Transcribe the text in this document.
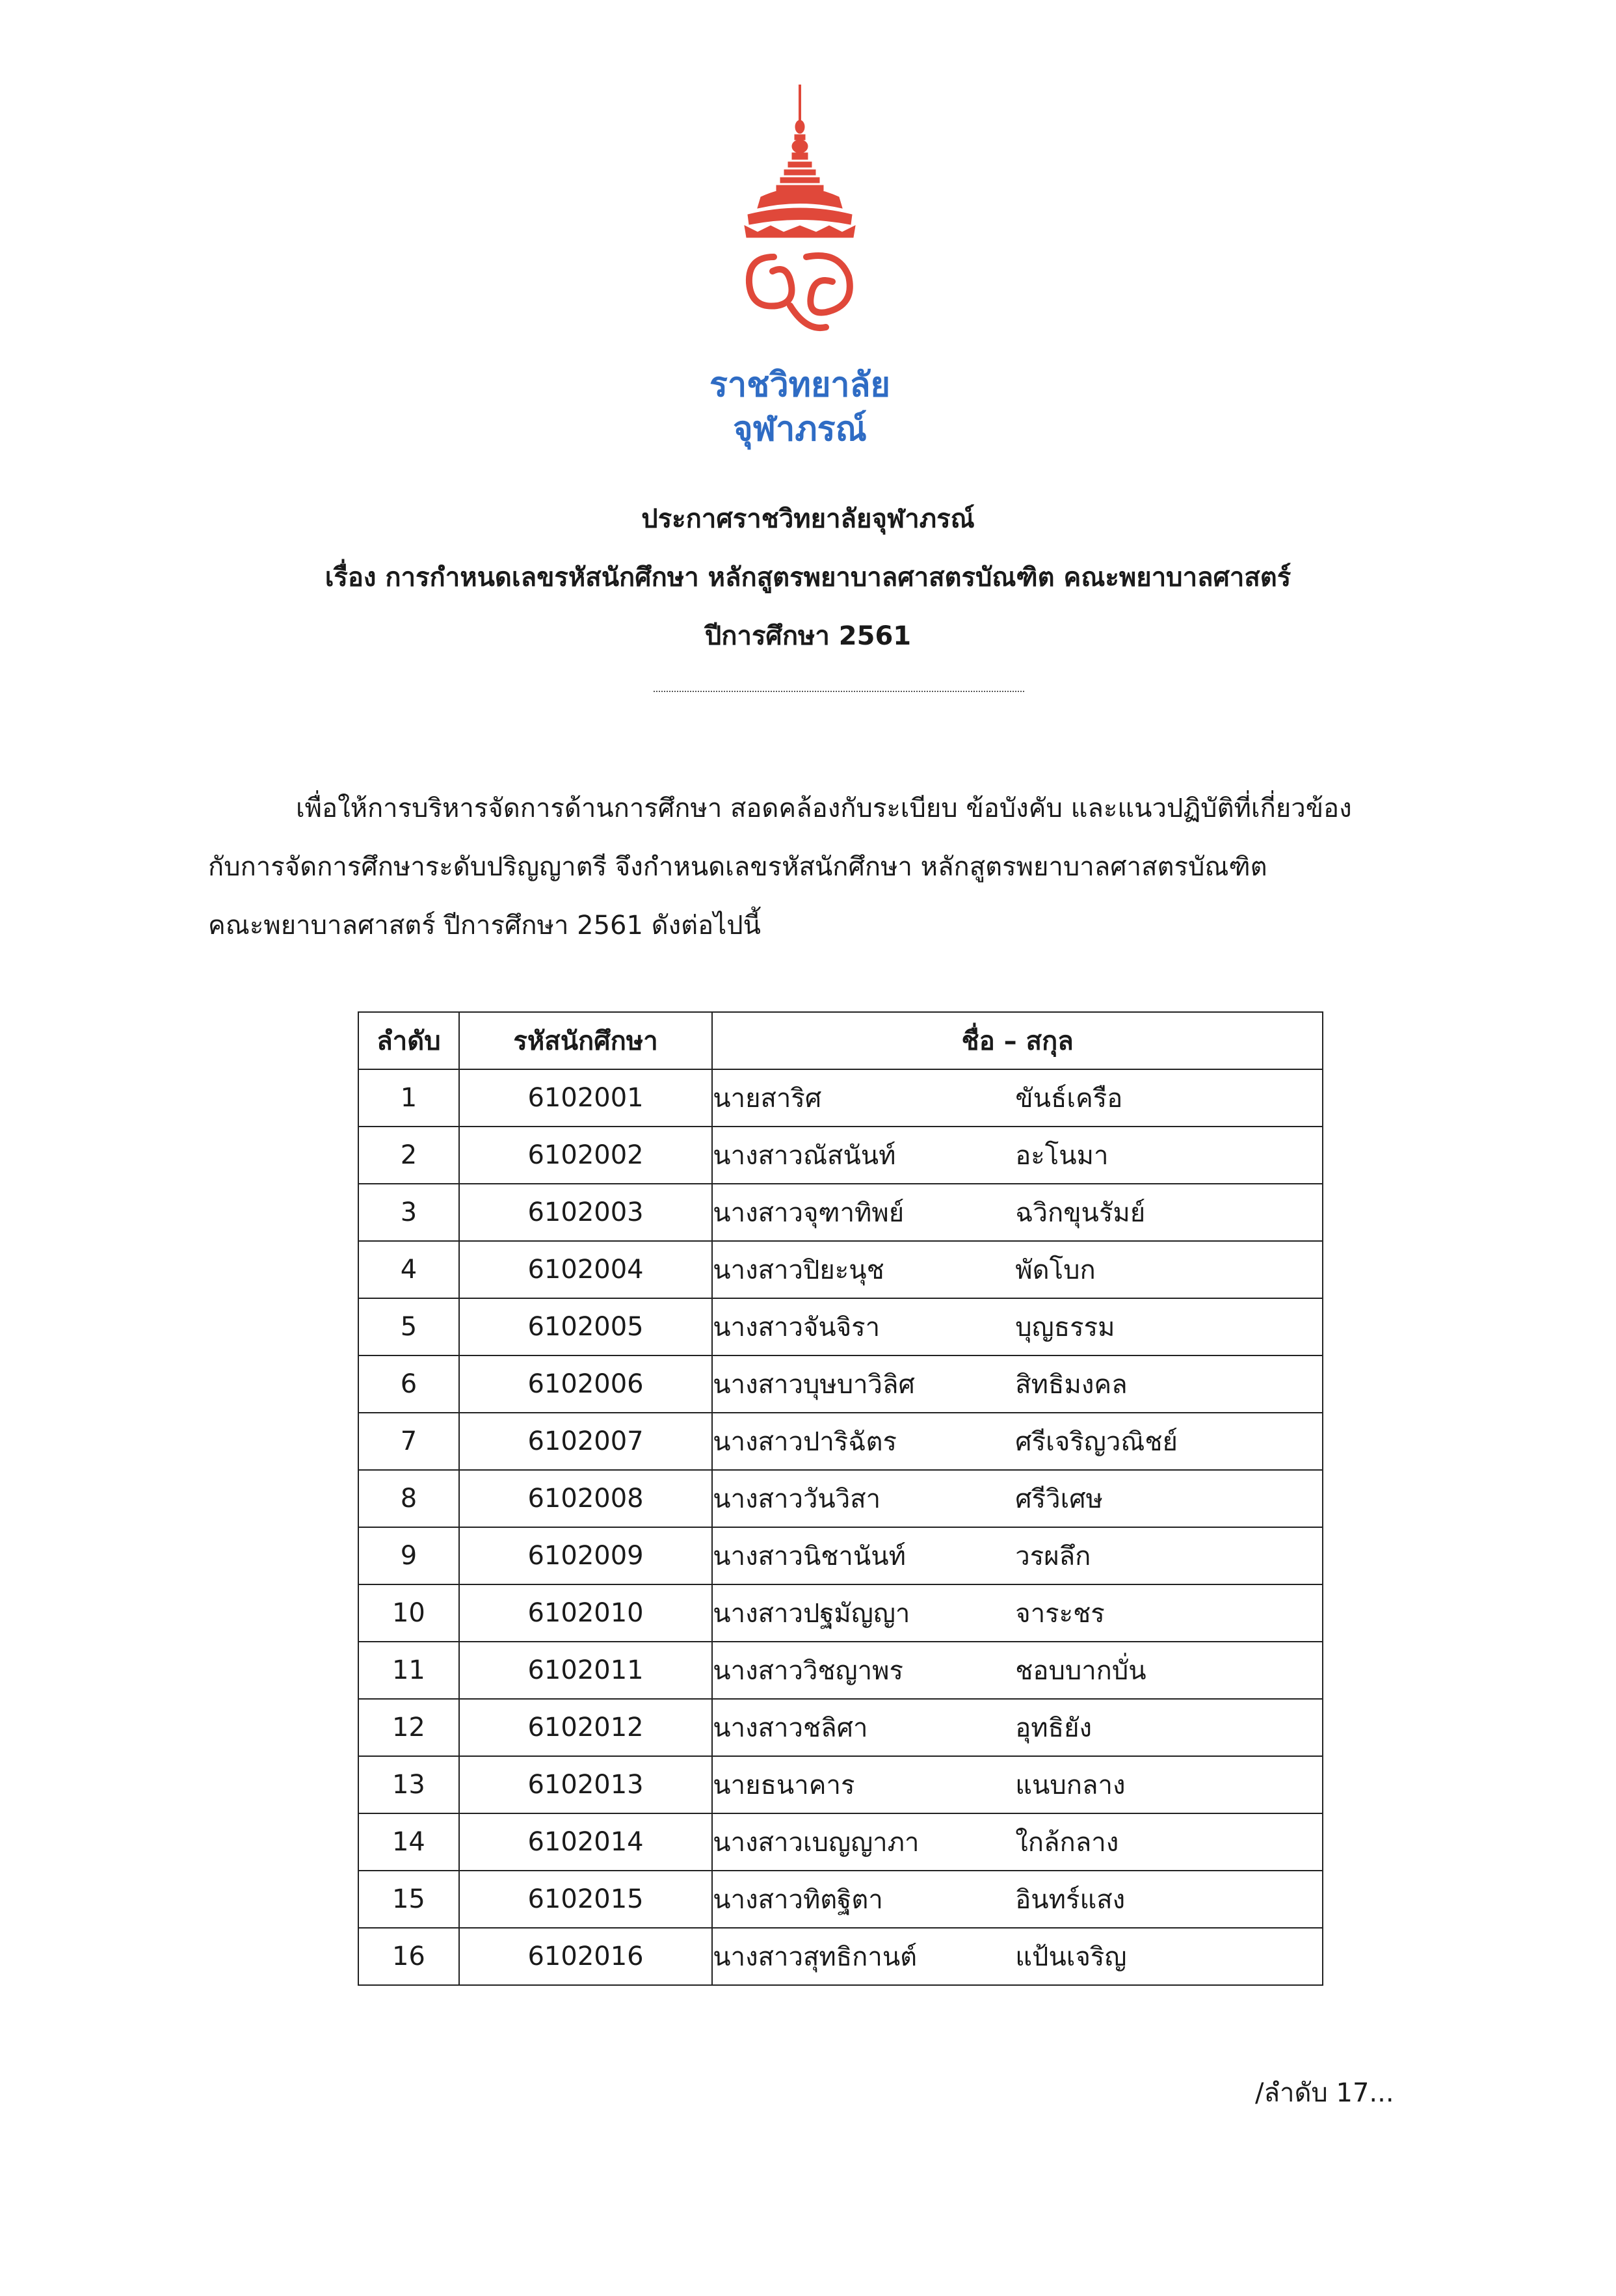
ราชวิทยาลัย
จุฬาภรณ์
ประกาศราชวิทยาลัยจุฬาภรณ์
เรื่อง การกำหนดเลขรหัสนักศึกษา หลักสูตรพยาบาลศาสตรบัณฑิต คณะพยาบาลศาสตร์
ปีการศึกษา 2561
เพื่อให้การบริหารจัดการด้านการศึกษา สอดคล้องกับระเบียบ ข้อบังคับ และแนวปฏิบัติที่เกี่ยวข้อง
กับการจัดการศึกษาระดับปริญญาตรี จึงกำหนดเลขรหัสนักศึกษา หลักสูตรพยาบาลศาสตรบัณฑิต
คณะพยาบาลศาสตร์ ปีการศึกษา 2561 ดังต่อไปนี้
ลำดับ	รหัสนักศึกษา	ชื่อ – สกุล
1	6102001	นายสาริศ ขันธ์เครือ
2	6102002	นางสาวณัสนันท์ อะโนมา
3	6102003	นางสาวจุฑาทิพย์ ฉวิกขุนรัมย์
4	6102004	นางสาวปิยะนุช พัดโบก
5	6102005	นางสาวจันจิรา บุญธรรม
6	6102006	นางสาวบุษบาวิลิศ สิทธิมงคล
7	6102007	นางสาวปาริฉัตร ศรีเจริญวณิชย์
8	6102008	นางสาววันวิสา ศรีวิเศษ
9	6102009	นางสาวนิชานันท์ วรผลึก
10	6102010	นางสาวปฐมัญญา จาระชร
11	6102011	นางสาววิชญาพร ชอบบากบั่น
12	6102012	นางสาวชลิศา อุทธิยัง
13	6102013	นายธนาคาร แนบกลาง
14	6102014	นางสาวเบญญาภา ใกล้กลาง
15	6102015	นางสาวทิตฐิตา อินทร์แสง
16	6102016	นางสาวสุทธิกานต์ แป้นเจริญ
/ลำดับ 17...
